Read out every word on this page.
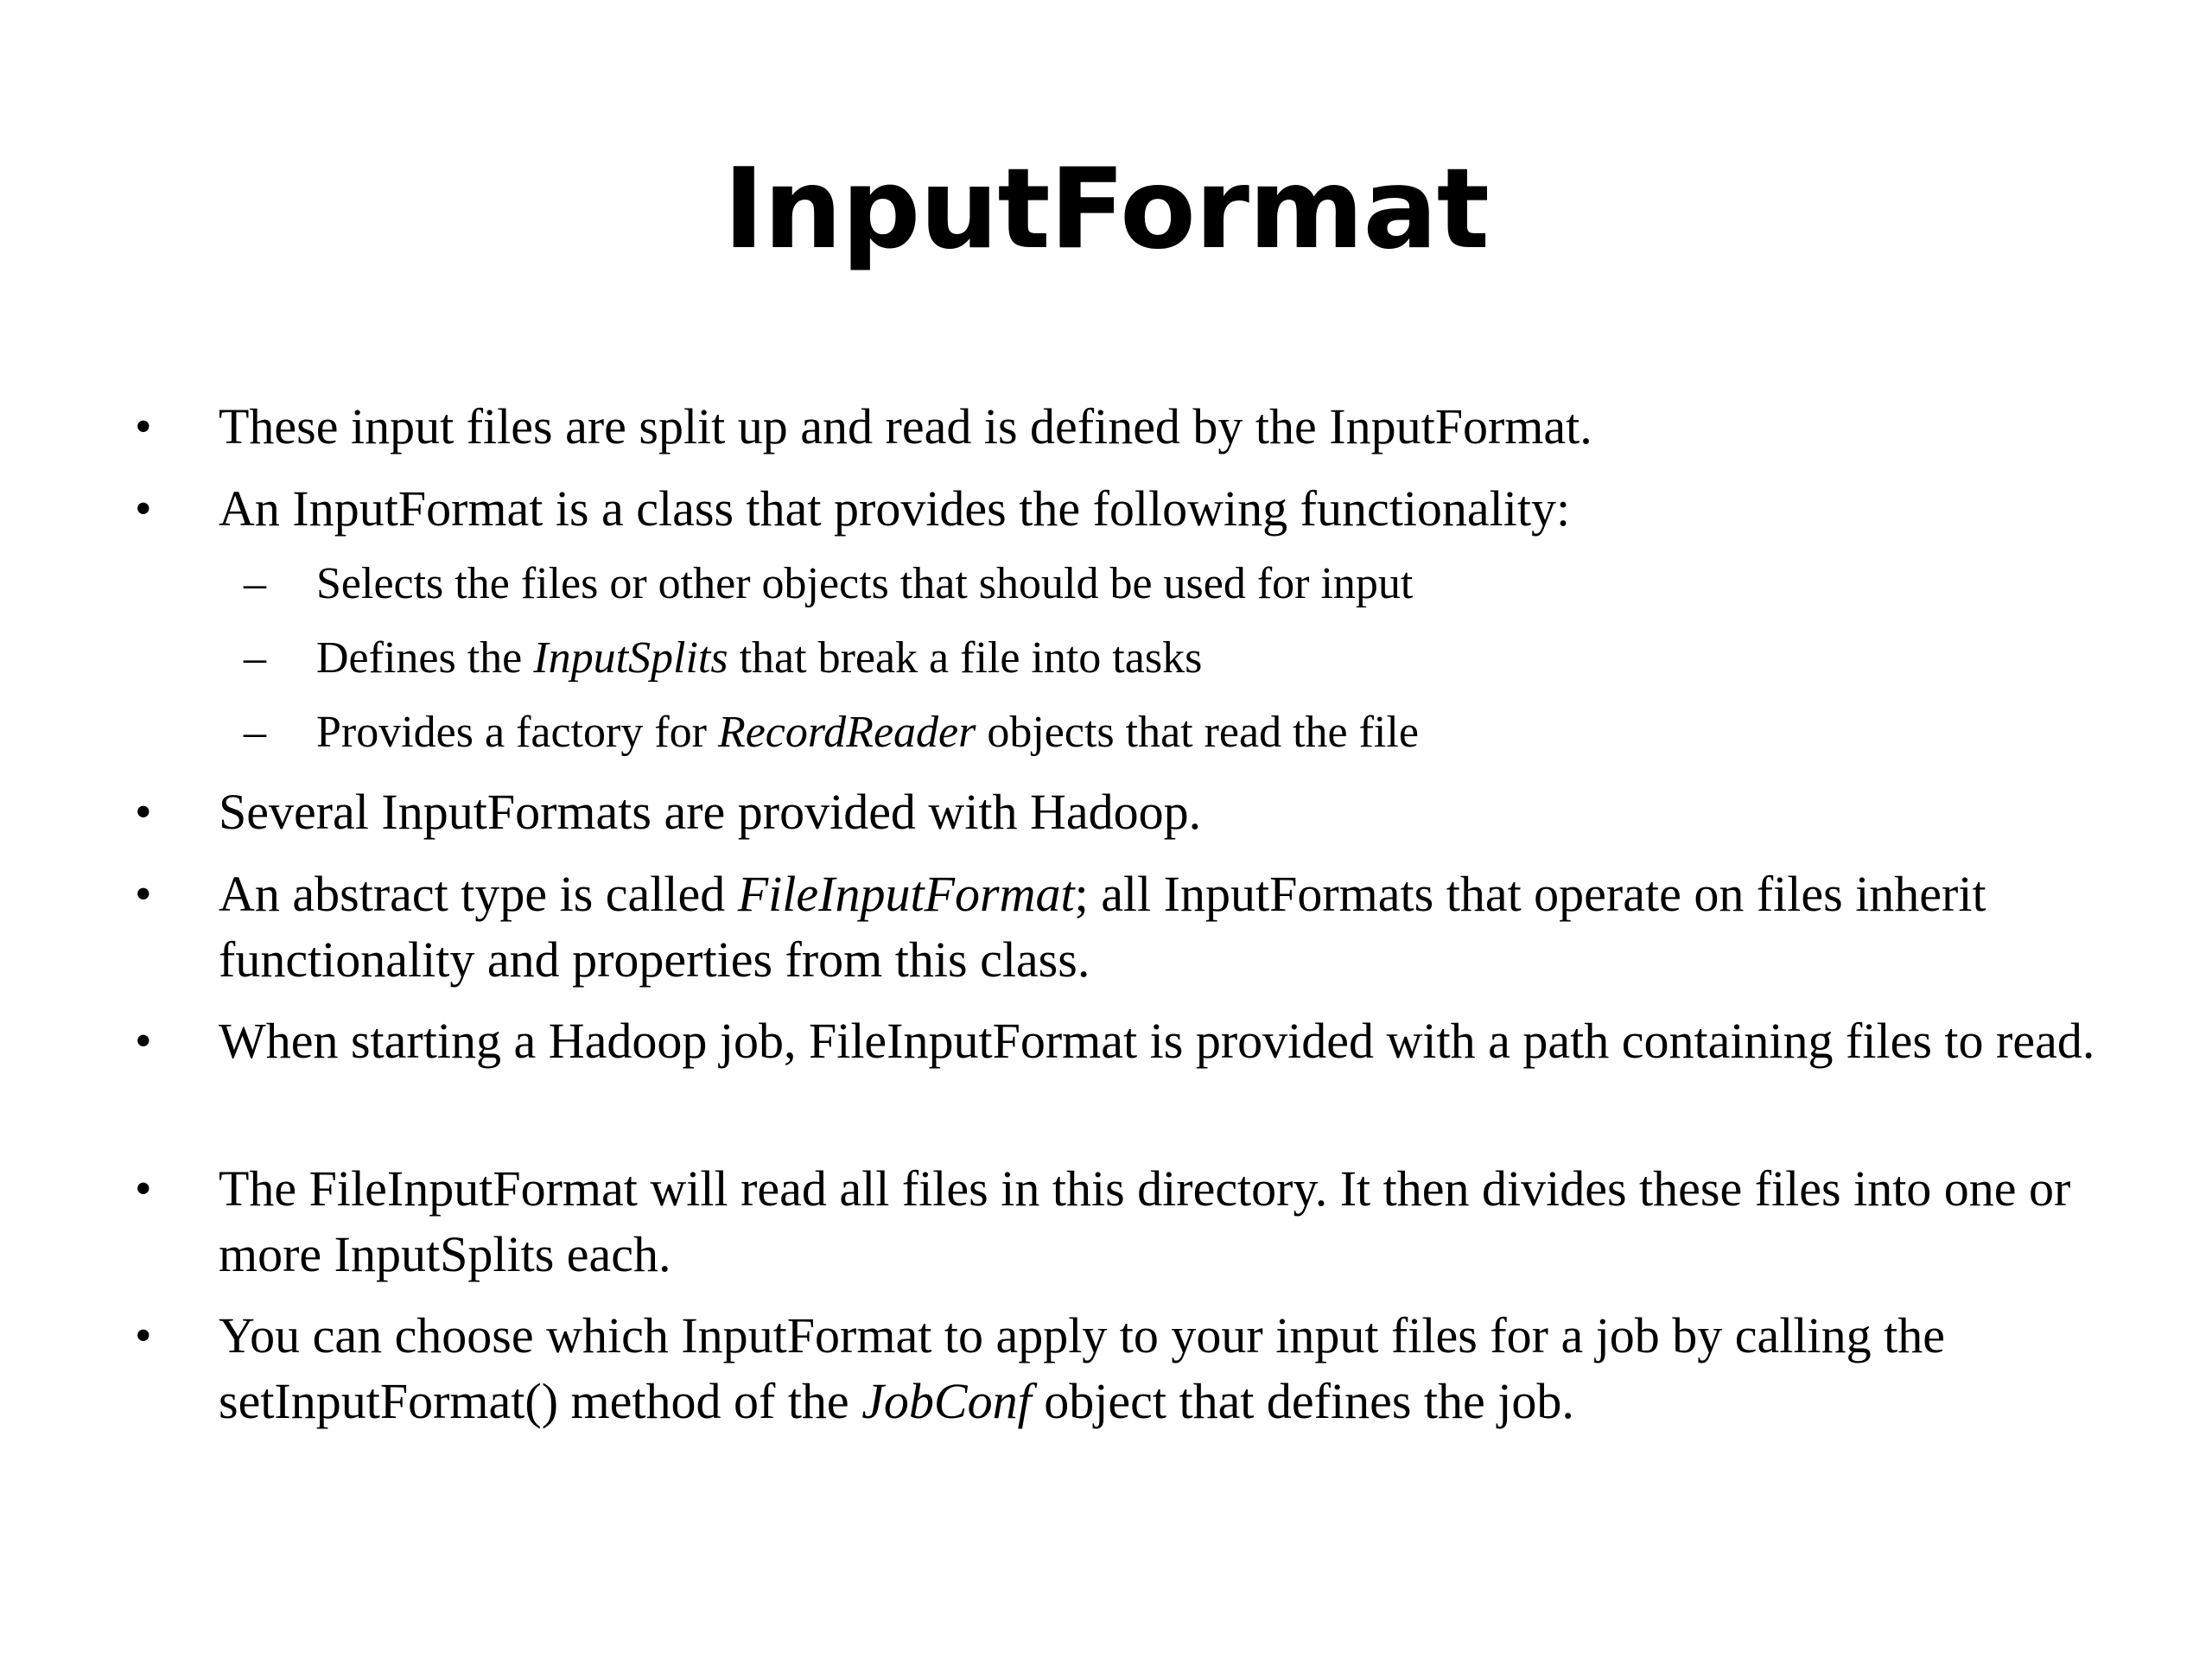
InputFormat
• These input files are split up and read is defined by the InputFormat.
• An InputFormat is a class that provides the following functionality:
– Selects the files or other objects that should be used for input
– Defines the InputSplits that break a file into tasks
– Provides a factory for RecordReader objects that read the file
• Several InputFormats are provided with Hadoop.
• An abstract type is called FileInputFormat; all InputFormats that operate on files inherit functionality and properties from this class.
• When starting a Hadoop job, FileInputFormat is provided with a path containing files to read.
• The FileInputFormat will read all files in this directory. It then divides these files into one or more InputSplits each.
• You can choose which InputFormat to apply to your input files for a job by calling the setInputFormat() method of the JobConf object that defines the job.
